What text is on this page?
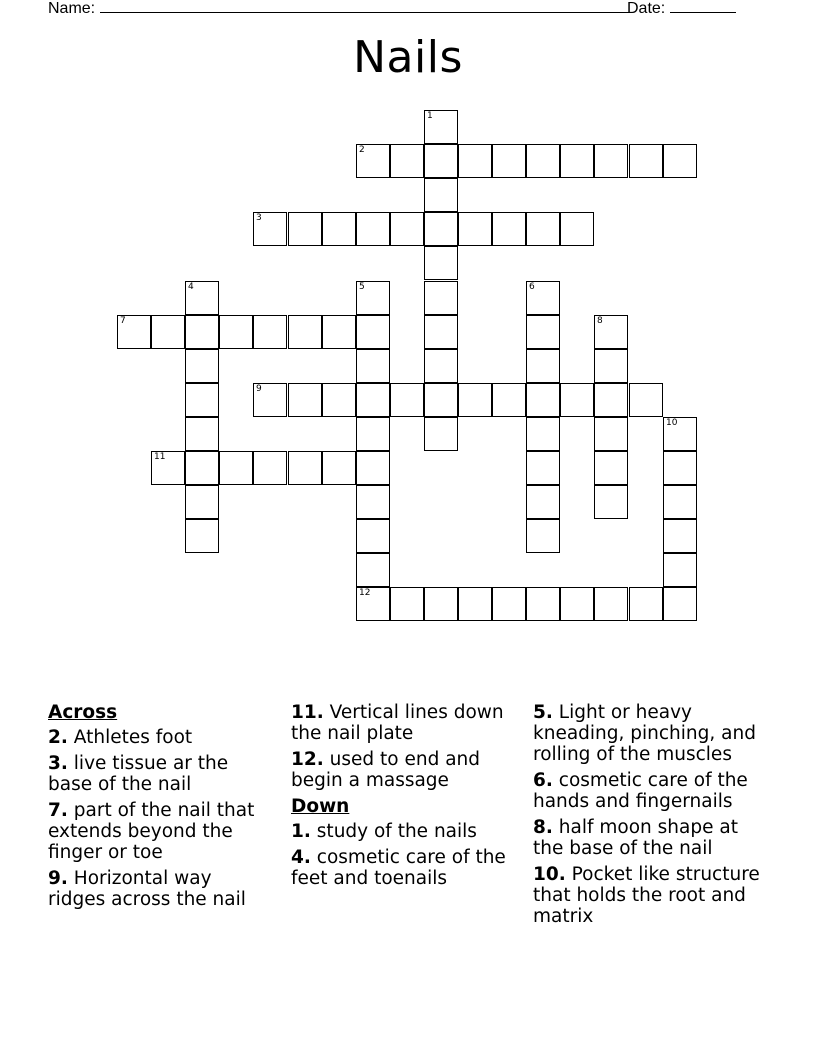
Name:	Date:
Nails
1
2
3
4	5
12
6
7	8
9
10
11
Across
2. Athletes foot
3. live tissue ar the base of the nail
7. part of the nail that extends beyond the finger or toe
9. Horizontal way ridges across the nail
11. Vertical lines down the nail plate
12. used to end and begin a massage
Down
1. study of the nails
4. cosmetic care of the feet and toenails
5. Light or heavy kneading, pinching, and rolling of the muscles
6. cosmetic care of the hands and fingernails
8. half moon shape at the base of the nail
10. Pocket like structure that holds the root and matrix
